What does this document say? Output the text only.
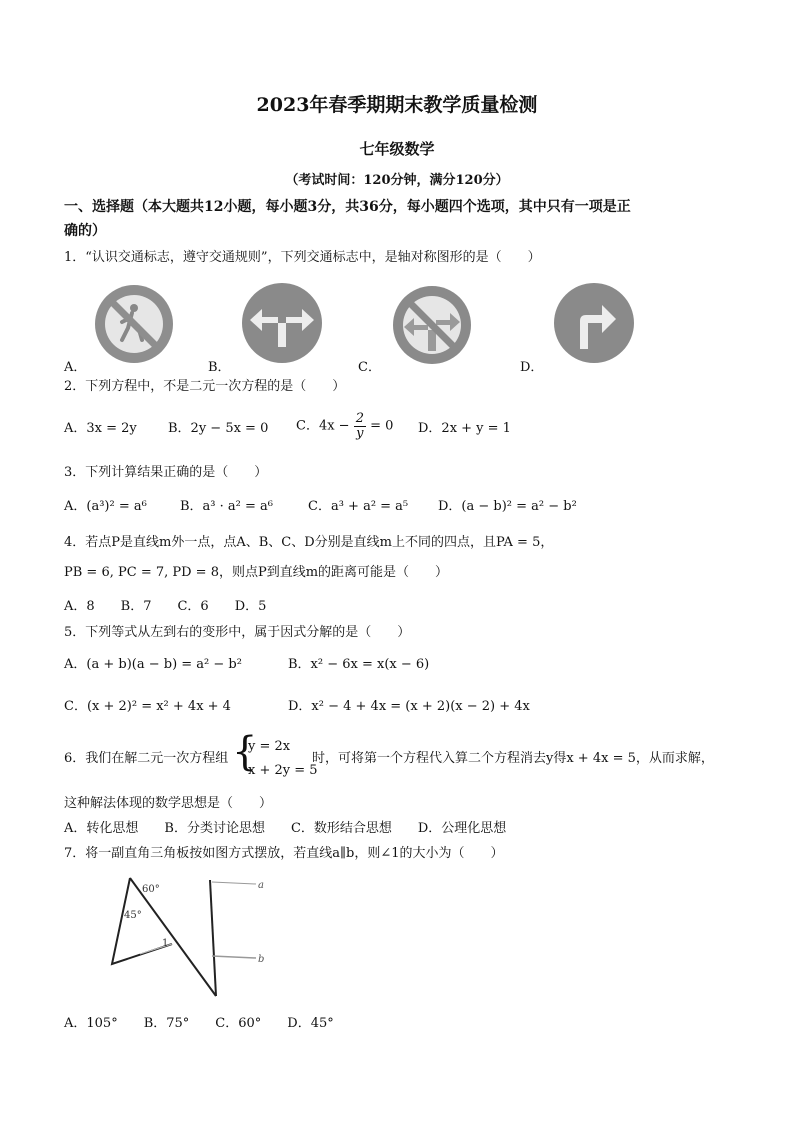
2023年春季期期末教学质量检测
七年级数学
（考试时间：120分钟，满分120分）
一、选择题（本大题共12小题，每小题3分，共36分，每小题四个选项，其中只有一项是正
确的）
1．“认识交通标志，遵守交通规则”，下列交通标志中，是轴对称图形的是（　　）
A．	B．	C．	D．
2．下列方程中，不是二元一次方程的是（　　）
A．3x = 2y B．2y − 5x = 0 C．$4x - \frac{2}{y} = 0$ D．2x + y = 1
3．下列计算结果正确的是（　　）
A．(a³)² = a⁶	B．a³ · a² = a⁶	C．a³ + a² = a⁵ D．(a − b)² = a² − b²
4．若点P是直线m外一点，点A、B、C、D分别是直线m上不同的四点，且PA = 5，
PB = 6, PC = 7, PD = 8，则点P到直线m的距离可能是（　　）
A．8　　B．7　　C．6　　D．5
5．下列等式从左到右的变形中，属于因式分解的是（　　）
A．(a + b)(a − b) = a² − b²	B．x² − 6x = x(x − 6)
C．(x + 2)² = x² + 4x + 4	D．x² − 4 + 4x = (x + 2)(x − 2) + 4x
6．我们在解二元一次方程组 {
y = 2x
x + 2y = 5
时，可将第一个方程代入算二个方程消去y得x + 4x = 5，从而求解，
这种解法体现的数学思想是（　　）
A．转化思想　　B．分类讨论思想　　C．数形结合思想　　D．公理化思想
7．将一副直角三角板按如图方式摆放，若直线a∥b，则∠1的大小为（　　）
60°
45°
1
a
b
A．105°　　B．75°　　C．60°　　D．45°
